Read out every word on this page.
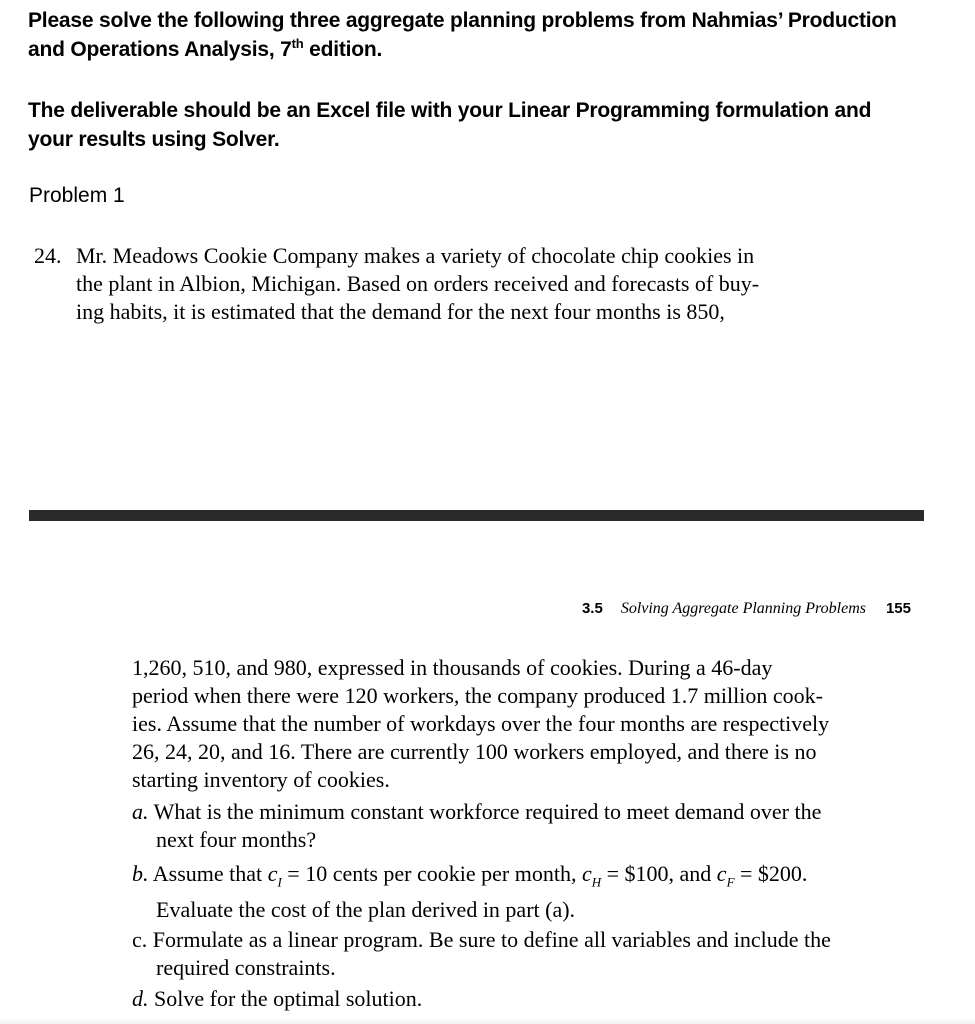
Please solve the following three aggregate planning problems from Nahmias’ Production
and Operations Analysis, 7th edition.
The deliverable should be an Excel file with your Linear Programming formulation and
your results using Solver.
Problem 1
24. Mr. Meadows Cookie Company makes a variety of chocolate chip cookies in
the plant in Albion, Michigan. Based on orders received and forecasts of buy-
ing habits, it is estimated that the demand for the next four months is 850,
3.5 Solving Aggregate Planning Problems 155
1,260, 510, and 980, expressed in thousands of cookies. During a 46-day
period when there were 120 workers, the company produced 1.7 million cook-
ies. Assume that the number of workdays over the four months are respectively
26, 24, 20, and 16. There are currently 100 workers employed, and there is no
starting inventory of cookies.
a. What is the minimum constant workforce required to meet demand over the
next four months?
b. Assume that $c_I = 10$ cents per cookie per month, $c_H$ = $100, and $c_F$ = $200.
Evaluate the cost of the plan derived in part (a).
c. Formulate as a linear program. Be sure to define all variables and include the
required constraints.
d. Solve for the optimal solution.
